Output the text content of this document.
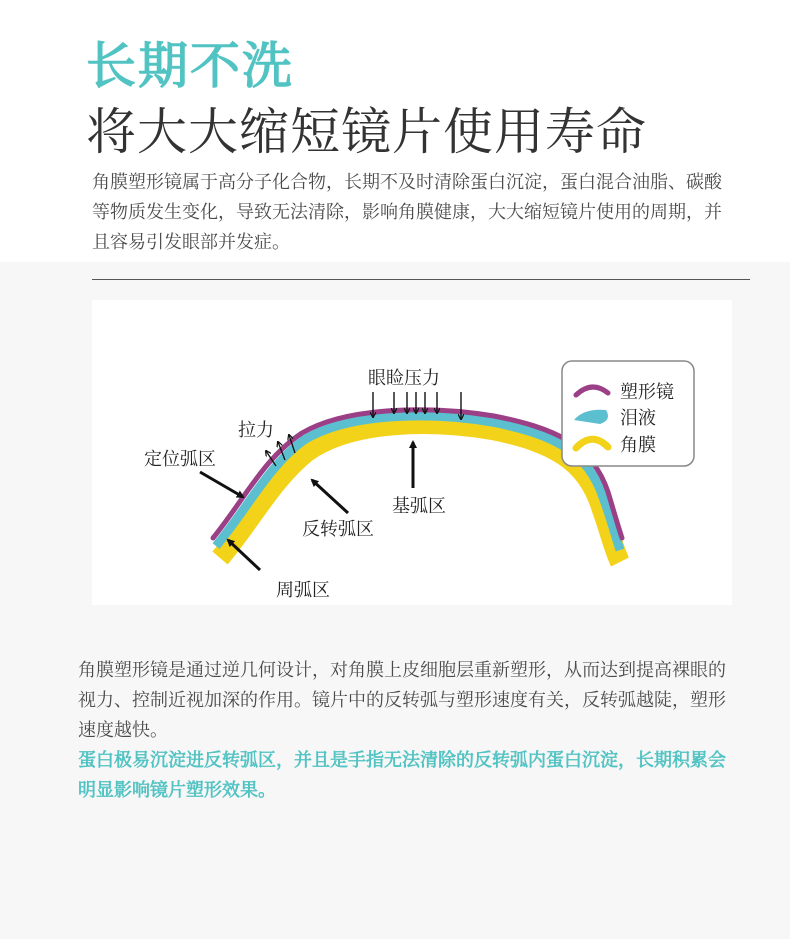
长期不洗
将大大缩短镜片使用寿命
角膜塑形镜属于高分子化合物，长期不及时清除蛋白沉淀，蛋白混合油脂、碳酸等物质发生变化，导致无法清除，影响角膜健康，大大缩短镜片使用的周期，并且容易引发眼部并发症。
眼睑压力
拉力
定位弧区
基弧区
反转弧区
周弧区
塑形镜
泪液
角膜
角膜塑形镜是通过逆几何设计，对角膜上皮细胞层重新塑形，从而达到提高裸眼的视力、控制近视加深的作用。镜片中的反转弧与塑形速度有关，反转弧越陡，塑形速度越快。
蛋白极易沉淀进反转弧区，并且是手指无法清除的反转弧内蛋白沉淀，长期积累会明显影响镜片塑形效果。
